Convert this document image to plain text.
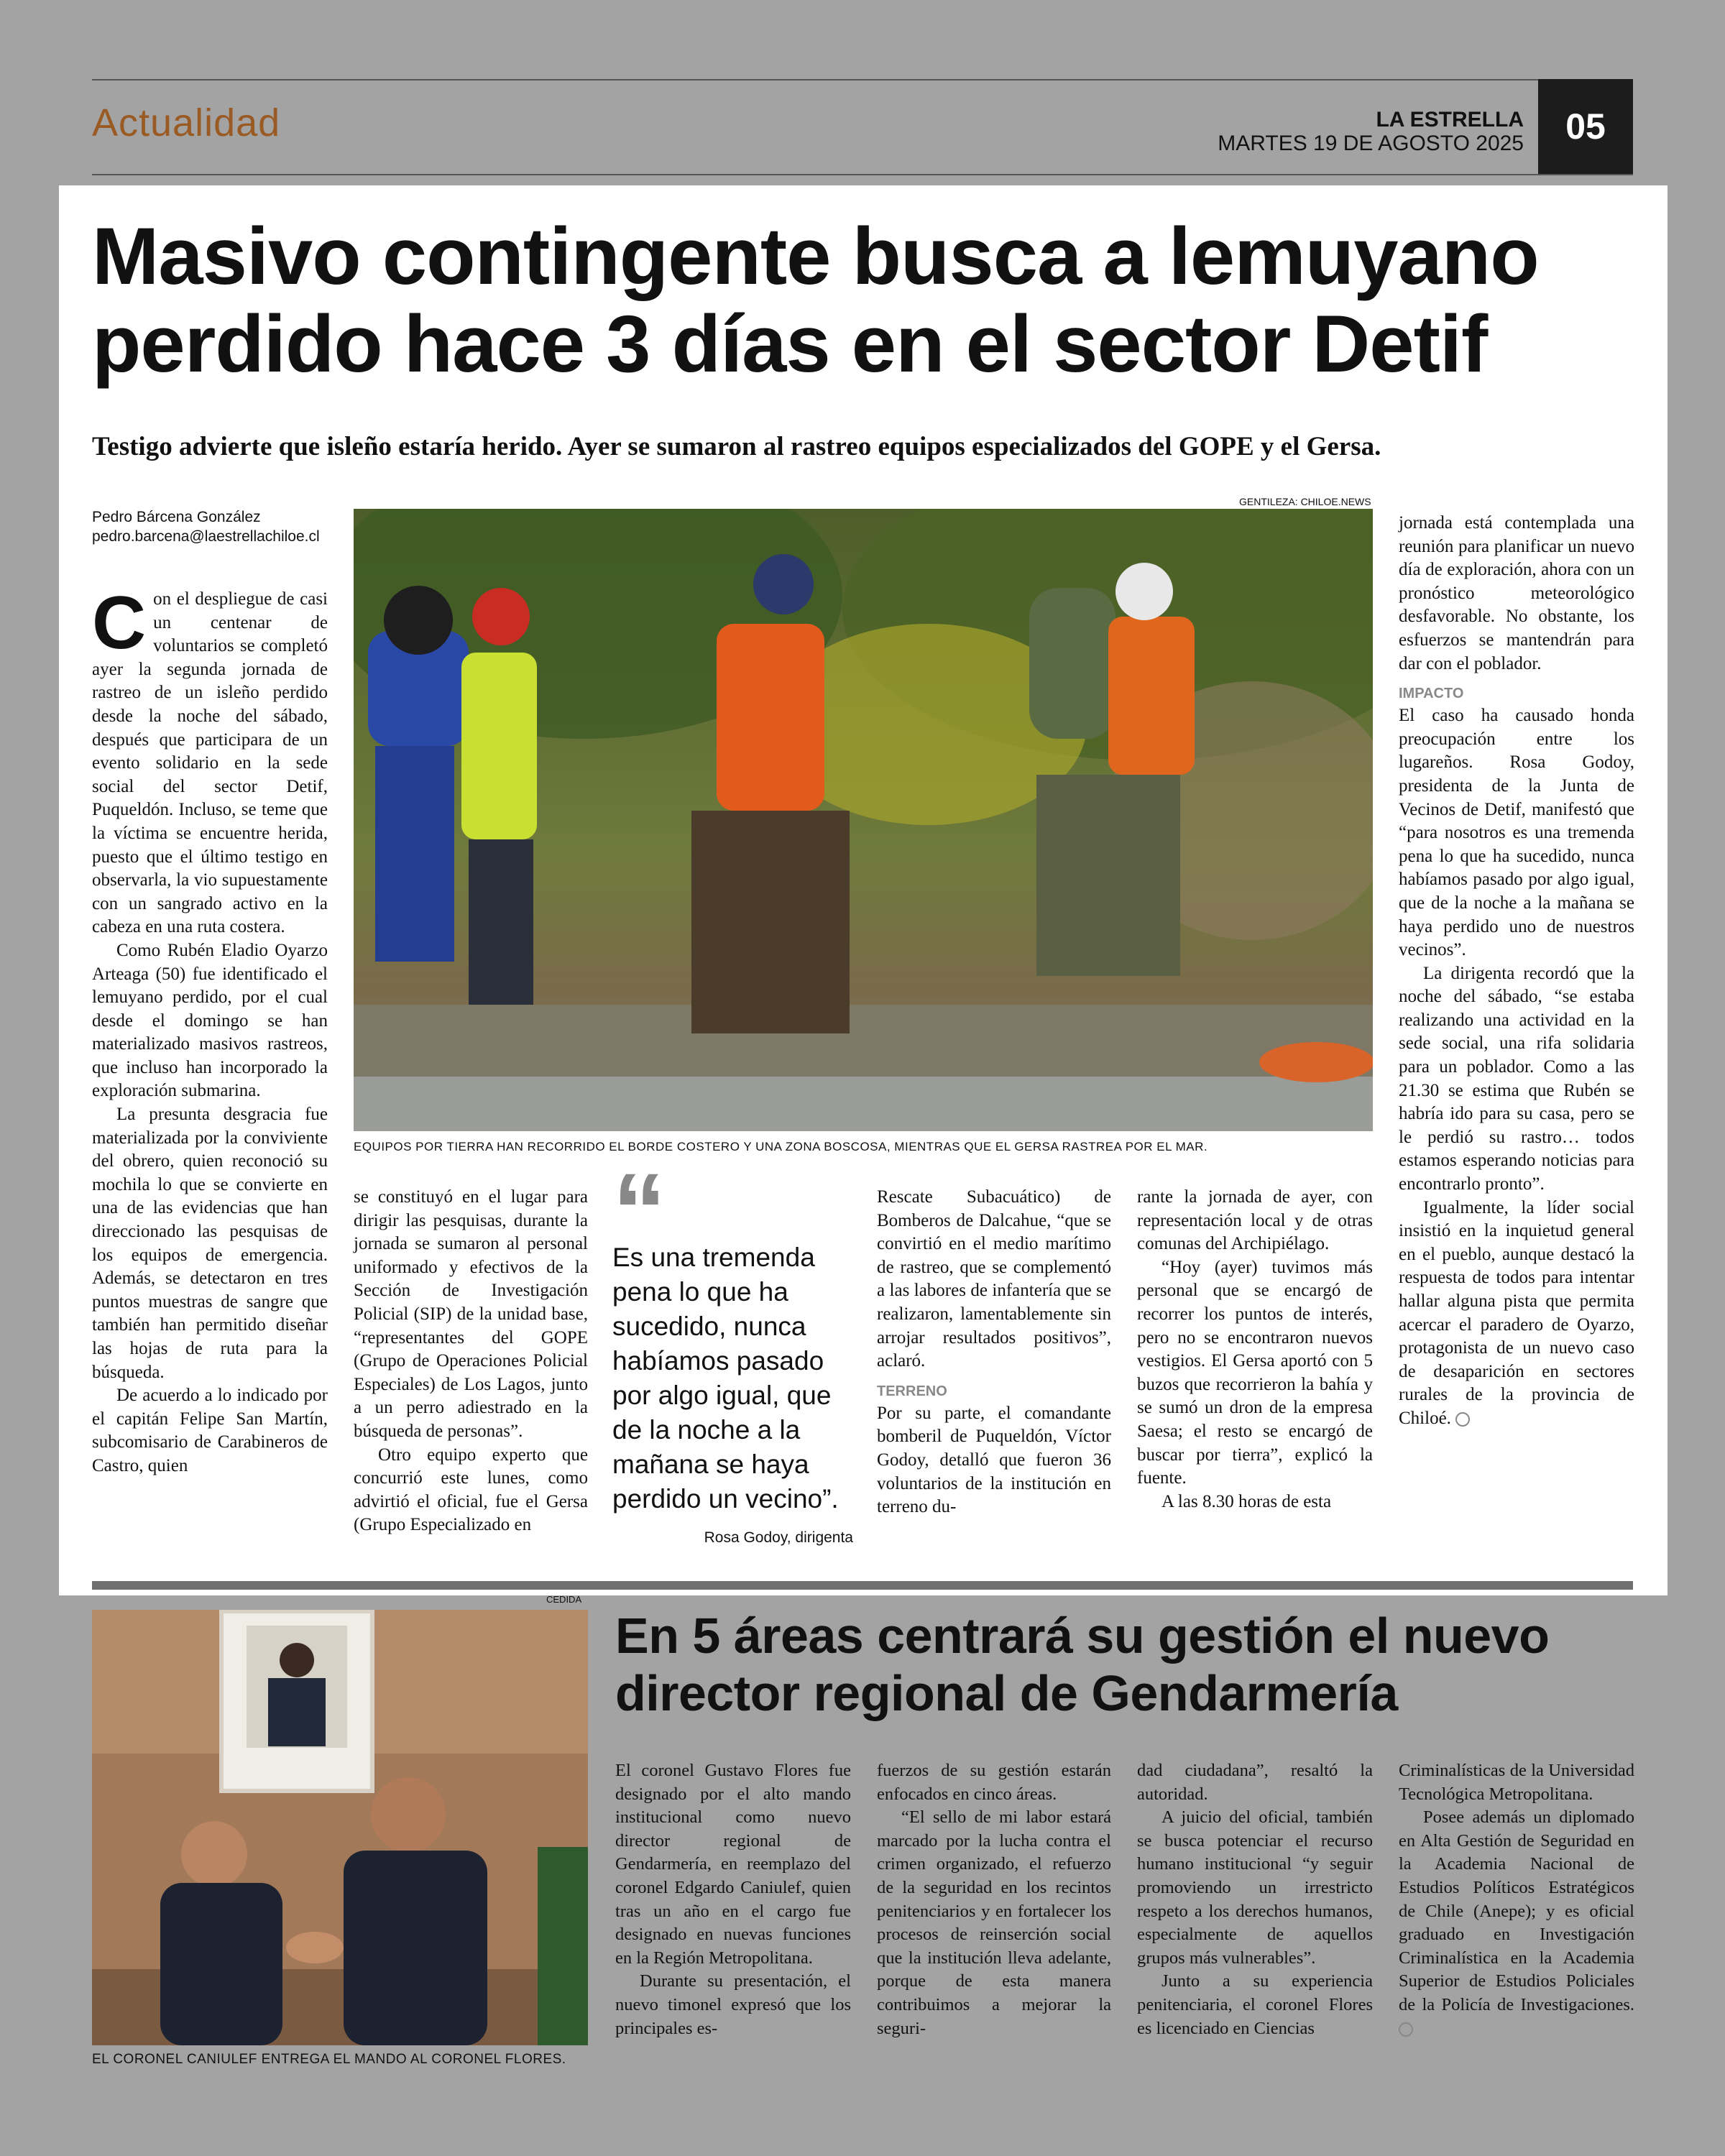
Actualidad	LA ESTRELLA
MARTES 19 DE AGOSTO 2025	05
Masivo contingente busca a lemuyano perdido hace 3 días en el sector Detif
Testigo advierte que isleño estaría herido. Ayer se sumaron al rastreo equipos especializados del GOPE y el Gersa.
Pedro Bárcena González
pedro.barcena@laestrellachiloe.cl
GENTILEZA: CHILOE.NEWS
EQUIPOS POR TIERRA HAN RECORRIDO EL BORDE COSTERO Y UNA ZONA BOSCOSA, MIENTRAS QUE EL GERSA RASTREA POR EL MAR.

Con el despliegue de casi un centenar de voluntarios se completó ayer la segunda jornada de rastreo de un isleño perdido desde la noche del sábado, después que participara de un evento solidario en la sede social del sector Detif, Puqueldón. Incluso, se teme que la víctima se encuentre herida, puesto que el último testigo en observarla, la vio supuestamente con un sangrado activo en la cabeza en una ruta costera.

Como Rubén Eladio Oyarzo Arteaga (50) fue identificado el lemuyano perdido, por el cual desde el domingo se han materializado masivos rastreos, que incluso han incorporado la exploración submarina.

La presunta desgracia fue materializada por la conviviente del obrero, quien reconoció su mochila lo que se convierte en una de las evidencias que han direccionado las pesquisas de los equipos de emergencia. Además, se detectaron en tres puntos muestras de sangre que también han permitido diseñar las hojas de ruta para la búsqueda.

De acuerdo a lo indicado por el capitán Felipe San Martín, subcomisario de Carabineros de Castro, quien

se constituyó en el lugar para dirigir las pesquisas, durante la jornada se sumaron al personal uniformado y efectivos de la Sección de Investigación Policial (SIP) de la unidad base, “representantes del GOPE (Grupo de Operaciones Policial Especiales) de Los Lagos, junto a un perro adiestrado en la búsqueda de personas”.

Otro equipo experto que concurrió este lunes, como advirtió el oficial, fue el Gersa (Grupo Especializado en

“
Es una tremenda pena lo que ha sucedido, nunca habíamos pasado por algo igual, que de la noche a la mañana se haya perdido un vecino”.
Rosa Godoy, dirigenta

Rescate Subacuático) de Bomberos de Dalcahue, “que se convirtió en el medio marítimo de rastreo, que se complementó a las labores de infantería que se realizaron, lamentablemente sin arrojar resultados positivos”, aclaró.

TERRENO

Por su parte, el comandante bomberil de Puqueldón, Víctor Godoy, detalló que fueron 36 voluntarios de la institución en terreno du-

rante la jornada de ayer, con representación local y de otras comunas del Archipiélago.

“Hoy (ayer) tuvimos más personal que se encargó de recorrer los puntos de interés, pero no se encontraron nuevos vestigios. El Gersa aportó con 5 buzos que recorrieron la bahía y se sumó un dron de la empresa Saesa; el resto se encargó de buscar por tierra”, explicó la fuente.

A las 8.30 horas de esta

jornada está contemplada una reunión para planificar un nuevo día de exploración, ahora con un pronóstico meteorológico desfavorable. No obstante, los esfuerzos se mantendrán para dar con el poblador.

IMPACTO

El caso ha causado honda preocupación entre los lugareños. Rosa Godoy, presidenta de la Junta de Vecinos de Detif, manifestó que “para nosotros es una tremenda pena lo que ha sucedido, nunca habíamos pasado por algo igual, que de la noche a la mañana se haya perdido uno de nuestros vecinos”.

La dirigenta recordó que la noche del sábado, “se estaba realizando una actividad en la sede social, una rifa solidaria para un poblador. Como a las 21.30 se estima que Rubén se habría ido para su casa, pero se le perdió su rastro… todos estamos esperando noticias para encontrarlo pronto”.

Igualmente, la líder social insistió en la inquietud general en el pueblo, aunque destacó la respuesta de todos para intentar hallar alguna pista que permita acercar el paradero de Oyarzo, protagonista de un nuevo caso de desaparición en sectores rurales de la provincia de Chiloé.

CEDIDA
EL CORONEL CANIULEF ENTREGA EL MANDO AL CORONEL FLORES.
En 5 áreas centrará su gestión el nuevo director regional de Gendarmería

El coronel Gustavo Flores fue designado por el alto mando institucional como nuevo director regional de Gendarmería, en reemplazo del coronel Edgardo Caniulef, quien tras un año en el cargo fue designado en nuevas funciones en la Región Metropolitana.

Durante su presentación, el nuevo timonel expresó que los principales es-

fuerzos de su gestión estarán enfocados en cinco áreas.

“El sello de mi labor estará marcado por la lucha contra el crimen organizado, el refuerzo de la seguridad en los recintos penitenciarios y en fortalecer los procesos de reinserción social que la institución lleva adelante, porque de esta manera contribuimos a mejorar la seguri-

dad ciudadana”, resaltó la autoridad.

A juicio del oficial, también se busca potenciar el recurso humano institucional “y seguir promoviendo un irrestricto respeto a los derechos humanos, especialmente de aquellos grupos más vulnerables”.

Junto a su experiencia penitenciaria, el coronel Flores es licenciado en Ciencias

Criminalísticas de la Universidad Tecnológica Metropolitana.

Posee además un diplomado en Alta Gestión de Seguridad en la Academia Nacional de Estudios Políticos Estratégicos de Chile (Anepe); y es oficial graduado en Investigación Criminalística en la Academia Superior de Estudios Policiales de la Policía de Investigaciones.
